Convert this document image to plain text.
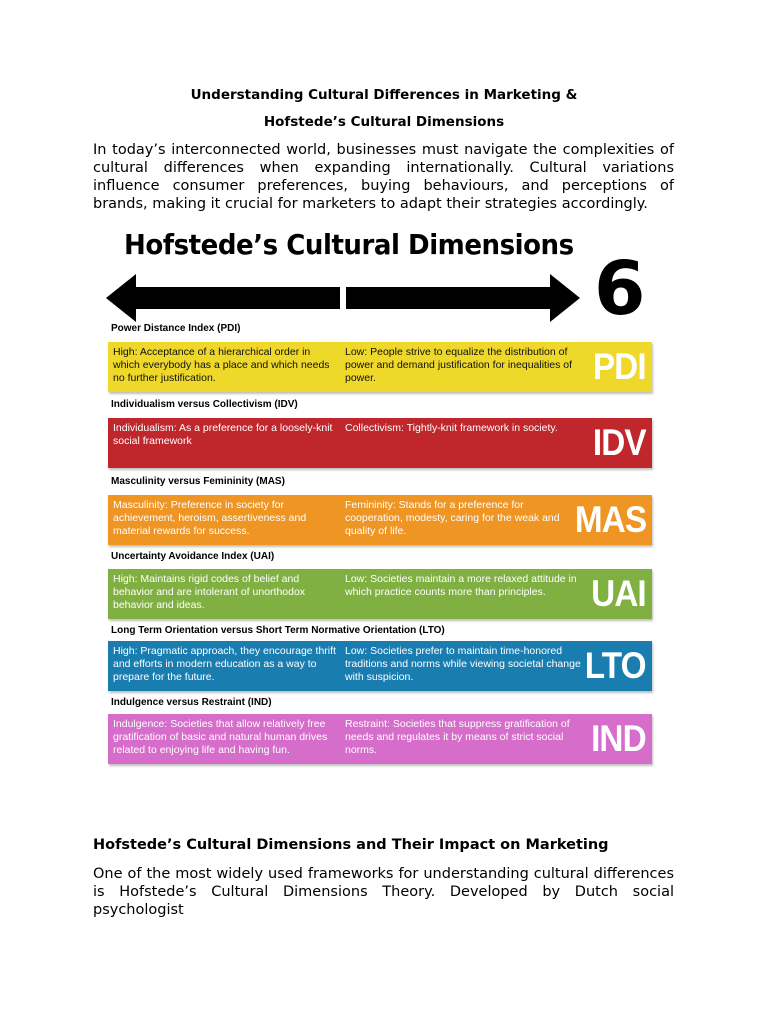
Understanding Cultural Differences in Marketing &

Hofstede’s Cultural Dimensions

In today’s interconnected world, businesses must navigate the complexities of cultural differences when expanding internationally. Cultural variations influence consumer preferences, buying behaviours, and perceptions of brands, making it crucial for marketers to adapt their strategies accordingly.

Hofstede’s Cultural Dimensions

6
Power Distance Index (PDI)
High: Acceptance of a hierarchical order in which everybody has a place and which needs no further justification.
Low: People strive to equalize the distribution of power and demand justification for inequalities of power.	PDI
Individualism versus Collectivism (IDV)
Individualism: As a preference for a loosely-knit social framework
Collectivism: Tightly-knit framework in society. IDV
Masculinity versus Femininity (MAS)
Masculinity: Preference in society for achievement, heroism, assertiveness and material rewards for success.
Femininity: Stands for a preference for cooperation, modesty, caring for the weak and quality of life.	MAS
Uncertainty Avoidance Index (UAI)
High: Maintains rigid codes of belief and behavior and are intolerant of unorthodox behavior and ideas.
Low: Societies maintain a more relaxed attitude in which practice counts more than principles.	UAI
Long Term Orientation versus Short Term Normative Orientation (LTO)
High: Pragmatic approach, they encourage thrift and efforts in modern education as a way to prepare for the future.
Low: Societies prefer to maintain time-honored traditions and norms while viewing societal change with suspicion.	LTO
Indulgence versus Restraint (IND)
Indulgence: Societies that allow relatively free gratification of basic and natural human drives related to enjoying life and having fun.
Restraint: Societies that suppress gratification of needs and regulates it by means of strict social norms.	IND
Hofstede’s Cultural Dimensions and Their Impact on Marketing

One of the most widely used frameworks for understanding cultural differences is Hofstede’s Cultural Dimensions Theory. Developed by Dutch social psychologist
